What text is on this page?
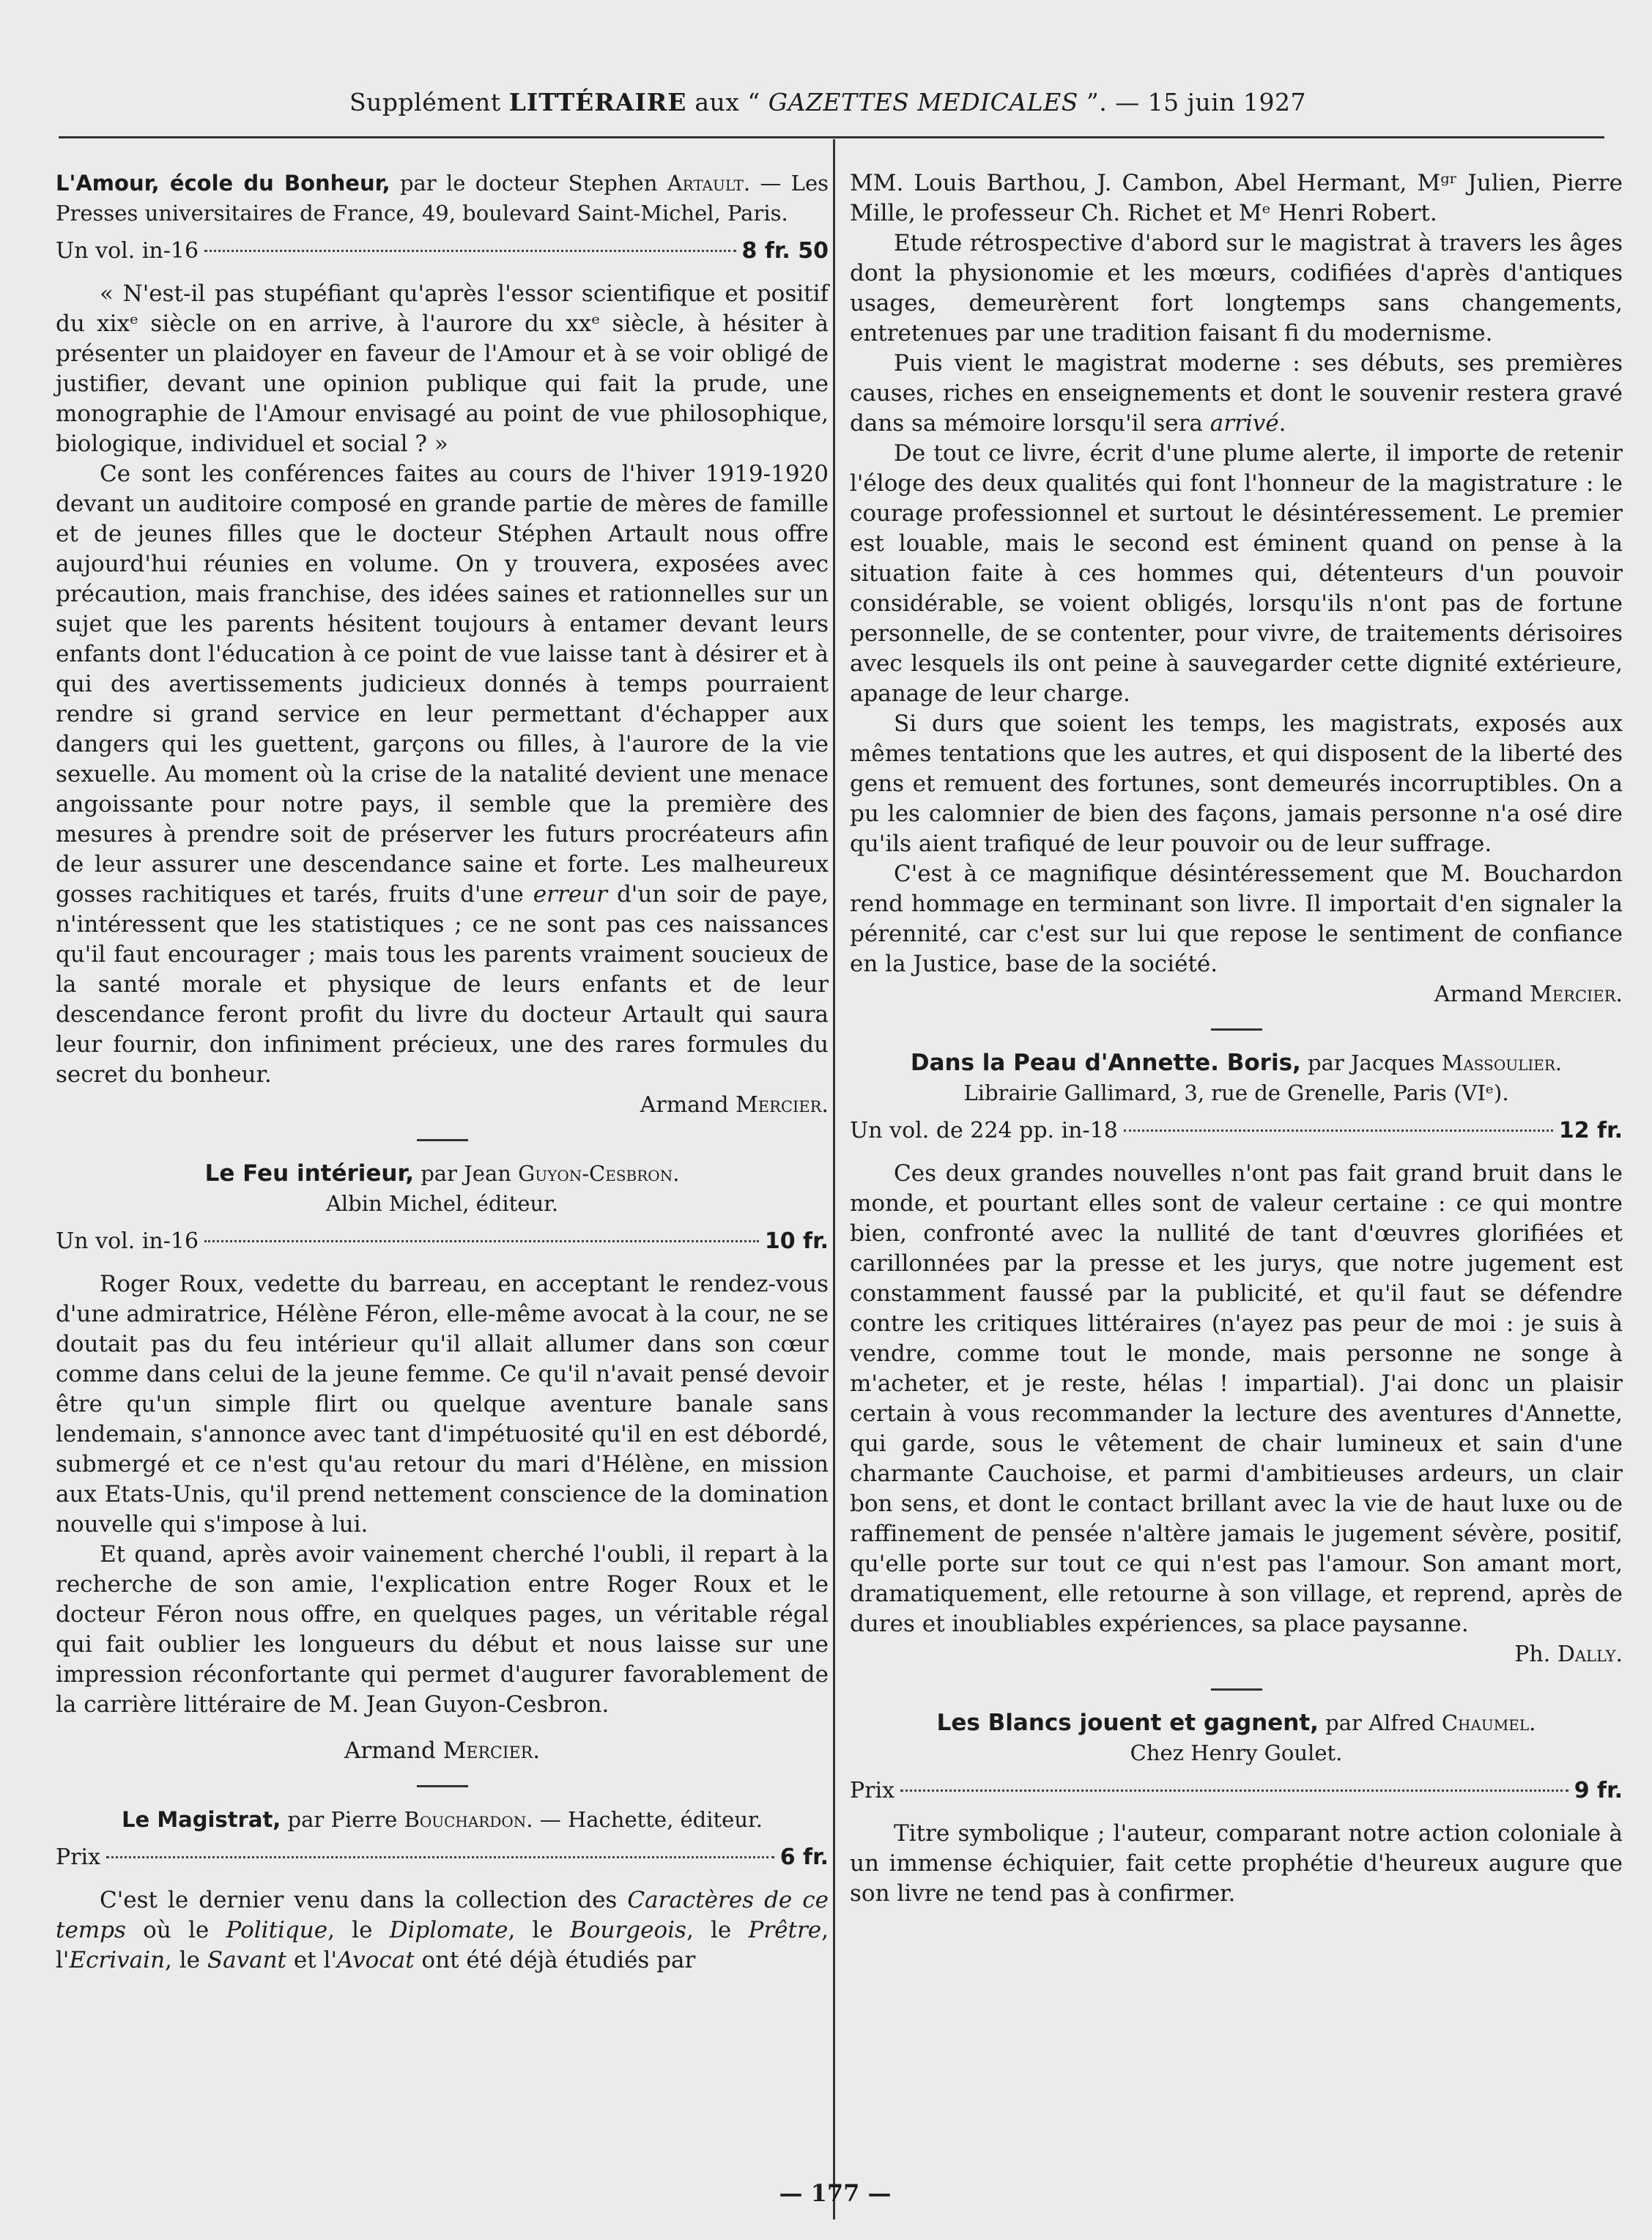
Supplément LITTÉRAIRE aux “ GAZETTES MEDICALES ”. — 15 juin 1927

L'Amour, école du Bonheur, par le docteur Stephen Artault. — Les Presses universitaires de France, 49, boulevard Saint-Michel, Paris.

Un vol. in-16	8 fr. 50

« N'est-il pas stupéfiant qu'après l'essor scientifique et positif du xixᵉ siècle on en arrive, à l'aurore du xxᵉ siècle, à hésiter à présenter un plaidoyer en faveur de l'Amour et à se voir obligé de justifier, devant une opinion publique qui fait la prude, une monographie de l'Amour envisagé au point de vue philosophique, biologique, individuel et social ? »

Ce sont les conférences faites au cours de l'hiver 1919-1920 devant un auditoire composé en grande partie de mères de famille et de jeunes filles que le docteur Stéphen Artault nous offre aujourd'hui réunies en volume. On y trouvera, exposées avec précaution, mais franchise, des idées saines et rationnelles sur un sujet que les parents hésitent toujours à entamer devant leurs enfants dont l'éducation à ce point de vue laisse tant à désirer et à qui des avertissements judicieux donnés à temps pourraient rendre si grand service en leur permettant d'échapper aux dangers qui les guettent, garçons ou filles, à l'aurore de la vie sexuelle. Au moment où la crise de la natalité devient une menace angoissante pour notre pays, il semble que la première des mesures à prendre soit de préserver les futurs procréateurs afin de leur assurer une descendance saine et forte. Les malheureux gosses rachitiques et tarés, fruits d'une erreur d'un soir de paye, n'intéressent que les statistiques ; ce ne sont pas ces naissances qu'il faut encourager ; mais tous les parents vraiment soucieux de la santé morale et physique de leurs enfants et de leur descendance feront profit du livre du docteur Artault qui saura leur fournir, don infiniment précieux, une des rares formules du secret du bonheur.

Armand Mercier.

Le Feu intérieur, par Jean Guyon-Cesbron.

Albin Michel, éditeur.

Un vol. in-16	10 fr.

Roger Roux, vedette du barreau, en acceptant le rendez-vous d'une admiratrice, Hélène Féron, elle-même avocat à la cour, ne se doutait pas du feu intérieur qu'il allait allumer dans son cœur comme dans celui de la jeune femme. Ce qu'il n'avait pensé devoir être qu'un simple flirt ou quelque aventure banale sans lendemain, s'annonce avec tant d'impétuosité qu'il en est débordé, submergé et ce n'est qu'au retour du mari d'Hélène, en mission aux Etats-Unis, qu'il prend nettement conscience de la domination nouvelle qui s'impose à lui.

Et quand, après avoir vainement cherché l'oubli, il repart à la recherche de son amie, l'explication entre Roger Roux et le docteur Féron nous offre, en quelques pages, un véritable régal qui fait oublier les longueurs du début et nous laisse sur une impression réconfortante qui permet d'augurer favorablement de la carrière littéraire de M. Jean Guyon-Cesbron.

Armand Mercier.

Le Magistrat, par Pierre Bouchardon. — Hachette, éditeur.

Prix	6 fr.

C'est le dernier venu dans la collection des Caractères de ce temps où le Politique, le Diplomate, le Bourgeois, le Prêtre, l'Ecrivain, le Savant et l'Avocat ont été déjà étudiés par

MM. Louis Barthou, J. Cambon, Abel Hermant, Mᵍʳ Julien, Pierre Mille, le professeur Ch. Richet et Mᵉ Henri Robert.

Etude rétrospective d'abord sur le magistrat à travers les âges dont la physionomie et les mœurs, codifiées d'après d'antiques usages, demeurèrent fort longtemps sans changements, entretenues par une tradition faisant fi du modernisme.

Puis vient le magistrat moderne : ses débuts, ses premières causes, riches en enseignements et dont le souvenir restera gravé dans sa mémoire lorsqu'il sera arrivé.

De tout ce livre, écrit d'une plume alerte, il importe de retenir l'éloge des deux qualités qui font l'honneur de la magistrature : le courage professionnel et surtout le désintéressement. Le premier est louable, mais le second est éminent quand on pense à la situation faite à ces hommes qui, détenteurs d'un pouvoir considérable, se voient obligés, lorsqu'ils n'ont pas de fortune personnelle, de se contenter, pour vivre, de traitements dérisoires avec lesquels ils ont peine à sauvegarder cette dignité extérieure, apanage de leur charge.

Si durs que soient les temps, les magistrats, exposés aux mêmes tentations que les autres, et qui disposent de la liberté des gens et remuent des fortunes, sont demeurés incorruptibles. On a pu les calomnier de bien des façons, jamais personne n'a osé dire qu'ils aient trafiqué de leur pouvoir ou de leur suffrage.

C'est à ce magnifique désintéressement que M. Bouchardon rend hommage en terminant son livre. Il importait d'en signaler la pérennité, car c'est sur lui que repose le sentiment de confiance en la Justice, base de la société.

Armand Mercier.

Dans la Peau d'Annette. Boris, par Jacques Massoulier.

Librairie Gallimard, 3, rue de Grenelle, Paris (VIᵉ).

Un vol. de 224 pp. in-18	12 fr.

Ces deux grandes nouvelles n'ont pas fait grand bruit dans le monde, et pourtant elles sont de valeur certaine : ce qui montre bien, confronté avec la nullité de tant d'œuvres glorifiées et carillonnées par la presse et les jurys, que notre jugement est constamment faussé par la publicité, et qu'il faut se défendre contre les critiques littéraires (n'ayez pas peur de moi : je suis à vendre, comme tout le monde, mais personne ne songe à m'acheter, et je reste, hélas ! impartial). J'ai donc un plaisir certain à vous recommander la lecture des aventures d'Annette, qui garde, sous le vêtement de chair lumineux et sain d'une charmante Cauchoise, et parmi d'ambitieuses ardeurs, un clair bon sens, et dont le contact brillant avec la vie de haut luxe ou de raffinement de pensée n'altère jamais le jugement sévère, positif, qu'elle porte sur tout ce qui n'est pas l'amour. Son amant mort, dramatiquement, elle retourne à son village, et reprend, après de dures et inoubliables expériences, sa place paysanne.

Ph. Dally.

Les Blancs jouent et gagnent, par Alfred Chaumel.

Chez Henry Goulet.

Prix	9 fr.

Titre symbolique ; l'auteur, comparant notre action coloniale à un immense échiquier, fait cette prophétie d'heureux augure que son livre ne tend pas à confirmer.

— 177 —
